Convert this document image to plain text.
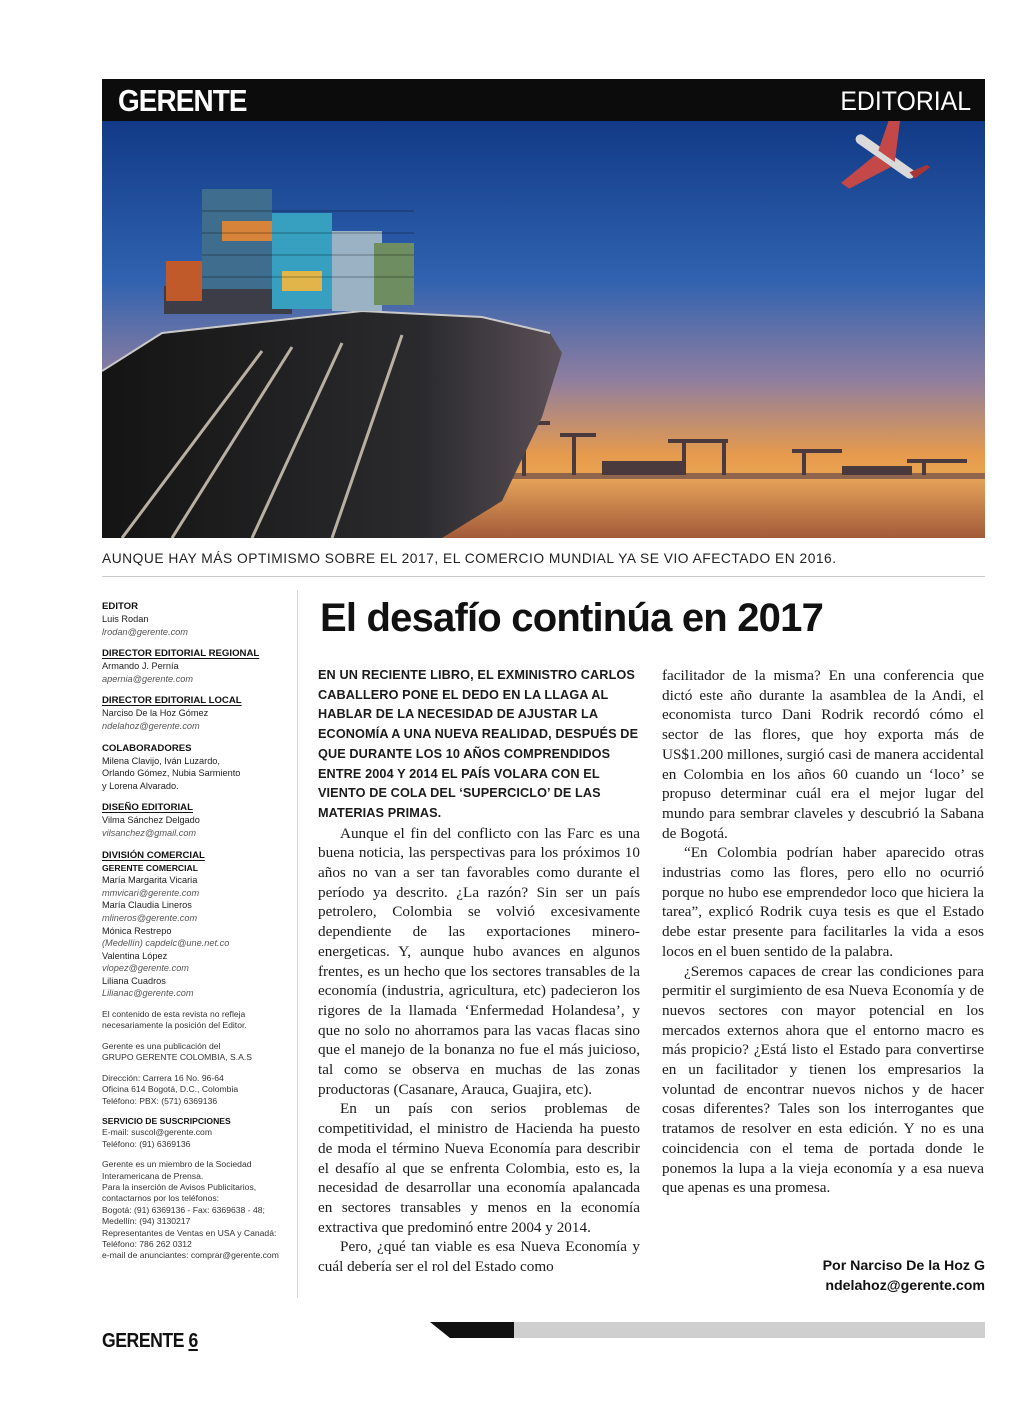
GERENTE	EDITORIAL
AUNQUE HAY MÁS OPTIMISMO SOBRE EL 2017, EL COMERCIO MUNDIAL YA SE VIO AFECTADO EN 2016.
EDITOR
Luis Rodan
lrodan@gerente.com
DIRECTOR EDITORIAL REGIONAL
Armando J. Pernía
apernia@gerente.com
DIRECTOR EDITORIAL LOCAL
Narciso De la Hoz Gómez
ndelahoz@gerente.com
COLABORADORES
Milena Clavijo, Iván Luzardo,
Orlando Gómez, Nubia Sarmiento
y Lorena Alvarado.
DISEÑO EDITORIAL
Vilma Sánchez Delgado
vilsanchez@gmail.com
DIVISIÓN COMERCIAL
GERENTE COMERCIAL
María Margarita Vicaria
mmvicari@gerente.com
María Claudia Lineros
mlineros@gerente.com
Mónica Restrepo
(Medellín) capdelc@une.net.co
Valentina López
vlopez@gerente.com
Liliana Cuadros
Lilianac@gerente.com
El contenido de esta revista no refleja
necesariamente la posición del Editor.
Gerente es una publicación del
GRUPO GERENTE COLOMBIA, S.A.S
Dirección: Carrera 16 No. 96-64
Oficina 614 Bogotá, D.C., Colombia
Teléfono: PBX: (571) 6369136
SERVICIO DE SUSCRIPCIONES
E-mail: suscol@gerente.com
Teléfono: (91) 6369136
Gerente es un miembro de la Sociedad
Interamericana de Prensa.
Para la inserción de Avisos Publicitarios,
contactarnos por los teléfonos:
Bogotá: (91) 6369136 - Fax: 6369638 - 48;
Medellín: (94) 3130217
Representantes de Ventas en USA y Canadá:
Teléfono: 786 262 0312
e-mail de anunciantes: comprar@gerente.com
El desafío continúa en 2017

EN UN RECIENTE LIBRO, EL EXMINISTRO CARLOS CABALLERO PONE EL DEDO EN LA LLAGA AL HABLAR DE LA NECESIDAD DE AJUSTAR LA ECONOMÍA A UNA NUEVA REALIDAD, DESPUÉS DE QUE DURANTE LOS 10 AÑOS COMPRENDIDOS ENTRE 2004 Y 2014 EL PAÍS VOLARA CON EL VIENTO DE COLA DEL ‘SUPERCICLO’ DE LAS MATERIAS PRIMAS.

Aunque el fin del conflicto con las Farc es una buena noticia, las perspectivas para los próximos 10 años no van a ser tan favorables como durante el período ya descrito. ¿La razón? Sin ser un país petrolero, Colombia se volvió excesivamente dependiente de las exportaciones minero-energeticas. Y, aunque hubo avances en algunos frentes, es un hecho que los sectores transables de la economía (industria, agricultura, etc) padecieron los rigores de la llamada ‘Enfermedad Holandesa’, y que no solo no ahorramos para las vacas flacas sino que el manejo de la bonanza no fue el más juicioso, tal como se observa en muchas de las zonas productoras (Casanare, Arauca, Guajira, etc).

En un país con serios problemas de competitividad, el ministro de Hacienda ha puesto de moda el término Nueva Economía para describir el desafío al que se enfrenta Colombia, esto es, la necesidad de desarrollar una economía apalancada en sectores transables y menos en la economía extractiva que predominó entre 2004 y 2014.

Pero, ¿qué tan viable es esa Nueva Economía y cuál debería ser el rol del Estado como

facilitador de la misma? En una conferencia que dictó este año durante la asamblea de la Andi, el economista turco Dani Rodrik recordó cómo el sector de las flores, que hoy exporta más de US$1.200 millones, surgió casi de manera accidental en Colombia en los años 60 cuando un ‘loco’ se propuso determinar cuál era el mejor lugar del mundo para sembrar claveles y descubrió la Sabana de Bogotá.

“En Colombia podrían haber aparecido otras industrias como las flores, pero ello no ocurrió porque no hubo ese emprendedor loco que hiciera la tarea”, explicó Rodrik cuya tesis es que el Estado debe estar presente para facilitarles la vida a esos locos en el buen sentido de la palabra.

¿Seremos capaces de crear las condiciones para permitir el surgimiento de esa Nueva Economía y de nuevos sectores con mayor potencial en los mercados externos ahora que el entorno macro es más propicio? ¿Está listo el Estado para convertirse en un facilitador y tienen los empresarios la voluntad de encontrar nuevos nichos y de hacer cosas diferentes? Tales son los interrogantes que tratamos de resolver en esta edición. Y no es una coincidencia con el tema de portada donde le ponemos la lupa a la vieja economía y a esa nueva que apenas es una promesa.

Por Narciso De la Hoz G
ndelahoz@gerente.com
GERENTE 6
